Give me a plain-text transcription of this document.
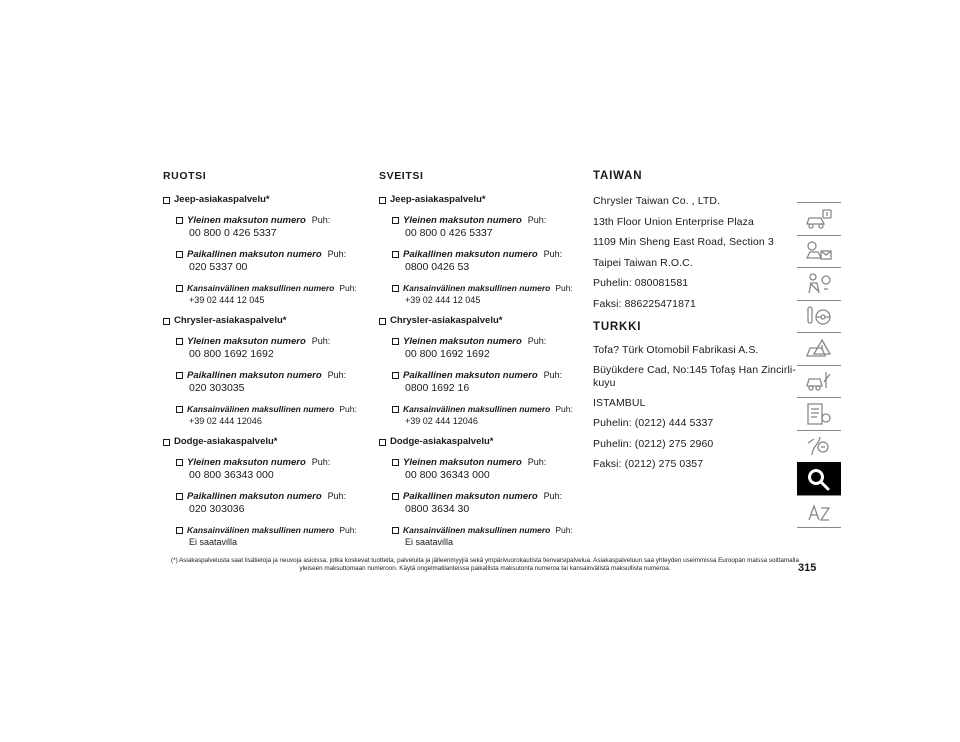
RUOTSI
Jeep-asiakaspalvelu*
Yleinen maksuton numero Puh:
00 800 0 426 5337
Paikallinen maksuton numero Puh:
020 5337 00
Kansainvälinen maksullinen numero Puh:
+39 02 444 12 045
Chrysler-asiakaspalvelu*
Yleinen maksuton numero Puh:
00 800 1692 1692
Paikallinen maksuton numero Puh:
020 303035
Kansainvälinen maksullinen numero Puh:
+39 02 444 12046
Dodge-asiakaspalvelu*
Yleinen maksuton numero Puh:
00 800 36343 000
Paikallinen maksuton numero Puh:
020 303036
Kansainvälinen maksullinen numero Puh:
Ei saatavilla
SVEITSI
Jeep-asiakaspalvelu*
Yleinen maksuton numero Puh:
00 800 0 426 5337
Paikallinen maksuton numero Puh:
0800 0426 53
Kansainvälinen maksullinen numero Puh:
+39 02 444 12 045
Chrysler-asiakaspalvelu*
Yleinen maksuton numero Puh:
00 800 1692 1692
Paikallinen maksuton numero Puh:
0800 1692 16
Kansainvälinen maksullinen numero Puh:
+39 02 444 12046
Dodge-asiakaspalvelu*
Yleinen maksuton numero Puh:
00 800 36343 000
Paikallinen maksuton numero Puh:
0800 3634 30
Kansainvälinen maksullinen numero Puh:
Ei saatavilla
TAIWAN
Chrysler Taiwan Co. , LTD.
13th Floor Union Enterprise Plaza
1109 Min Sheng East Road, Section 3
Taipei Taiwan R.O.C.
Puhelin: 080081581
Faksi: 886225471871
TURKKI
Tofa? Türk Otomobil Fabrikasi A.S.
Büyükdere Cad, No:145 Tofaş Han Zincirli-kuyu
ISTAMBUL
Puhelin: (0212) 444 5337
Puhelin: (0212) 275 2960
Faksi: (0212) 275 0357
(*) Asiakaspalvelusta saat lisätietoja ja neuvoja asioissa, jotka koskevat tuotteita, palveluita ja jälleenmyyjiä sekä ympärivuorokautista tienvarsipalvelua. Asiakaspalveluun saa yhteyden useimmissa Euroopan maissa soittamalla yleiseen maksuttomaan numeroon. Käytä ongelmatilanteissa paikallista maksutonta numeroa tai kansainvälistä maksullista numeroa.	315
